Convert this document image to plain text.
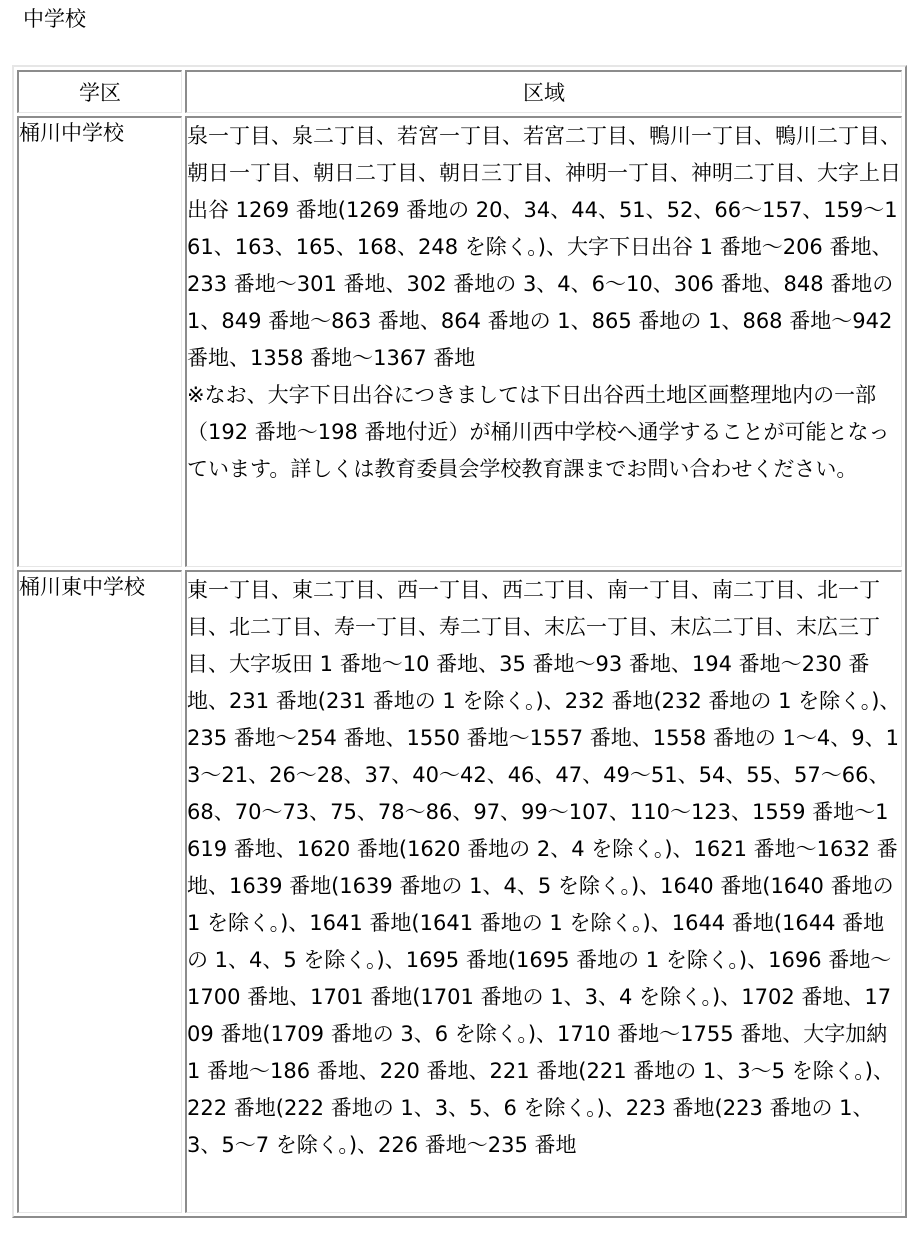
中学校
学区	区域
桶川中学校	泉一丁目、泉二丁目、若宮一丁目、若宮二丁目、鴨川一丁目、鴨川二丁目、朝日一丁目、朝日二丁目、朝日三丁目、神明一丁目、神明二丁目、大字上日出谷 1269 番地(1269 番地の 20、34、44、51、52、66～157、159～161、163、165、168、248 を除く。)、大字下日出谷 1 番地～206 番地、233 番地～301 番地、302 番地の 3、4、6～10、306 番地、848 番地の 1、849 番地～863 番地、864 番地の 1、865 番地の 1、868 番地～942 番地、1358 番地～1367 番地
※なお、大字下日出谷につきましては下日出谷西土地区画整理地内の一部（192 番地～198 番地付近）が桶川西中学校へ通学することが可能となっています。詳しくは教育委員会学校教育課までお問い合わせください。

桶川東中学校	東一丁目、東二丁目、西一丁目、西二丁目、南一丁目、南二丁目、北一丁目、北二丁目、寿一丁目、寿二丁目、末広一丁目、末広二丁目、末広三丁目、大字坂田 1 番地～10 番地、35 番地～93 番地、194 番地～230 番地、231 番地(231 番地の 1 を除く。)、232 番地(232 番地の 1 を除く。)、235 番地～254 番地、1550 番地～1557 番地、1558 番地の 1～4、9、13～21、26～28、37、40～42、46、47、49～51、54、55、57～66、68、70～73、75、78～86、97、99～107、110～123、1559 番地～1619 番地、1620 番地(1620 番地の 2、4 を除く。)、1621 番地～1632 番地、1639 番地(1639 番地の 1、4、5 を除く。)、1640 番地(1640 番地の 1 を除く。)、1641 番地(1641 番地の 1 を除く。)、1644 番地(1644 番地の 1、4、5 を除く。)、1695 番地(1695 番地の 1 を除く。)、1696 番地～1700 番地、1701 番地(1701 番地の 1、3、4 を除く。)、1702 番地、1709 番地(1709 番地の 3、6 を除く。)、1710 番地～1755 番地、大字加納 1 番地～186 番地、220 番地、221 番地(221 番地の 1、3～5 を除く。)、222 番地(222 番地の 1、3、5、6 を除く。)、223 番地(223 番地の 1、3、5～7 を除く。)、226 番地～235 番地
